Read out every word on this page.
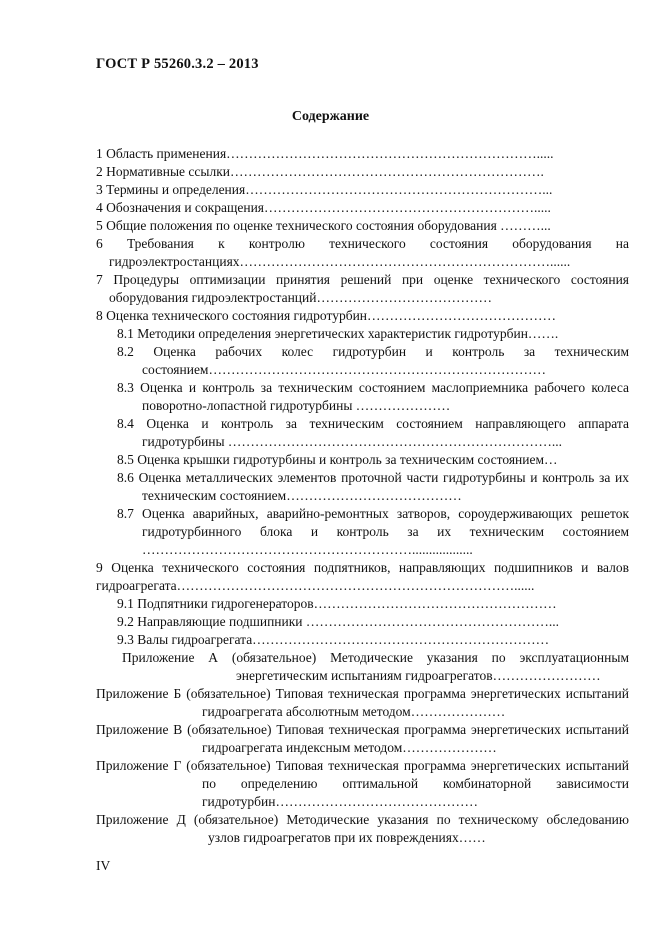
ГОСТ Р 55260.3.2 – 2013
Содержание
1 Область применения…………………………………………………………….....
2 Нормативные ссылки…………………………………………………………….
3 Термины и определения…………………………………………………………...
4 Обозначения и сокращения…………………………………………………….....
5 Общие положения по оценке технического состояния оборудования ………...
6 Требования к контролю технического состояния оборудования на гидроэлектростанциях……………………………………………………………......
7 Процедуры оптимизации принятия решений при оценке технического состояния оборудования гидроэлектростанций…………………………………
8 Оценка технического состояния гидротурбин……………………………………
8.1 Методики определения энергетических характеристик гидротурбин…….
8.2 Оценка рабочих колес гидротурбин и контроль за техническим состоянием…………………………………………………………………
8.3 Оценка и контроль за техническим состоянием маслоприемника рабочего колеса поворотно-лопастной гидротурбины …………………
8.4 Оценка и контроль за техническим состоянием направляющего аппарата гидротурбины ………………………………………………………………...
8.5 Оценка крышки гидротурбины и контроль за техническим состоянием…
8.6 Оценка металлических элементов проточной части гидротурбины и контроль за их техническим состоянием…………………………………
8.7 Оценка аварийных, аварийно-ремонтных затворов, сороудерживающих решеток гидротурбинного блока и контроль за их техническим состоянием ……………………………………………………..................
9 Оценка технического состояния подпятников, направляющих подшипников и валов гидроагрегата…………………………………………………………………......
9.1 Подпятники гидрогенераторов………………………………………………
9.2 Направляющие подшипники ………………………………………………...
9.3 Валы гидроагрегата…………………………………………………………
Приложение А (обязательное) Методические указания по эксплуатационным энергетическим испытаниям гидроагрегатов……………………
Приложение Б (обязательное) Типовая техническая программа энергетических испытаний гидроагрегата абсолютным методом…………………
Приложение В (обязательное) Типовая техническая программа энергетических испытаний гидроагрегата индексным методом…………………
Приложение Г (обязательное) Типовая техническая программа энергетических испытаний по определению оптимальной комбинаторной зависимости гидротурбин………………………………………
Приложение Д (обязательное) Методические указания по техническому обследованию узлов гидроагрегатов при их повреждениях……
IV
